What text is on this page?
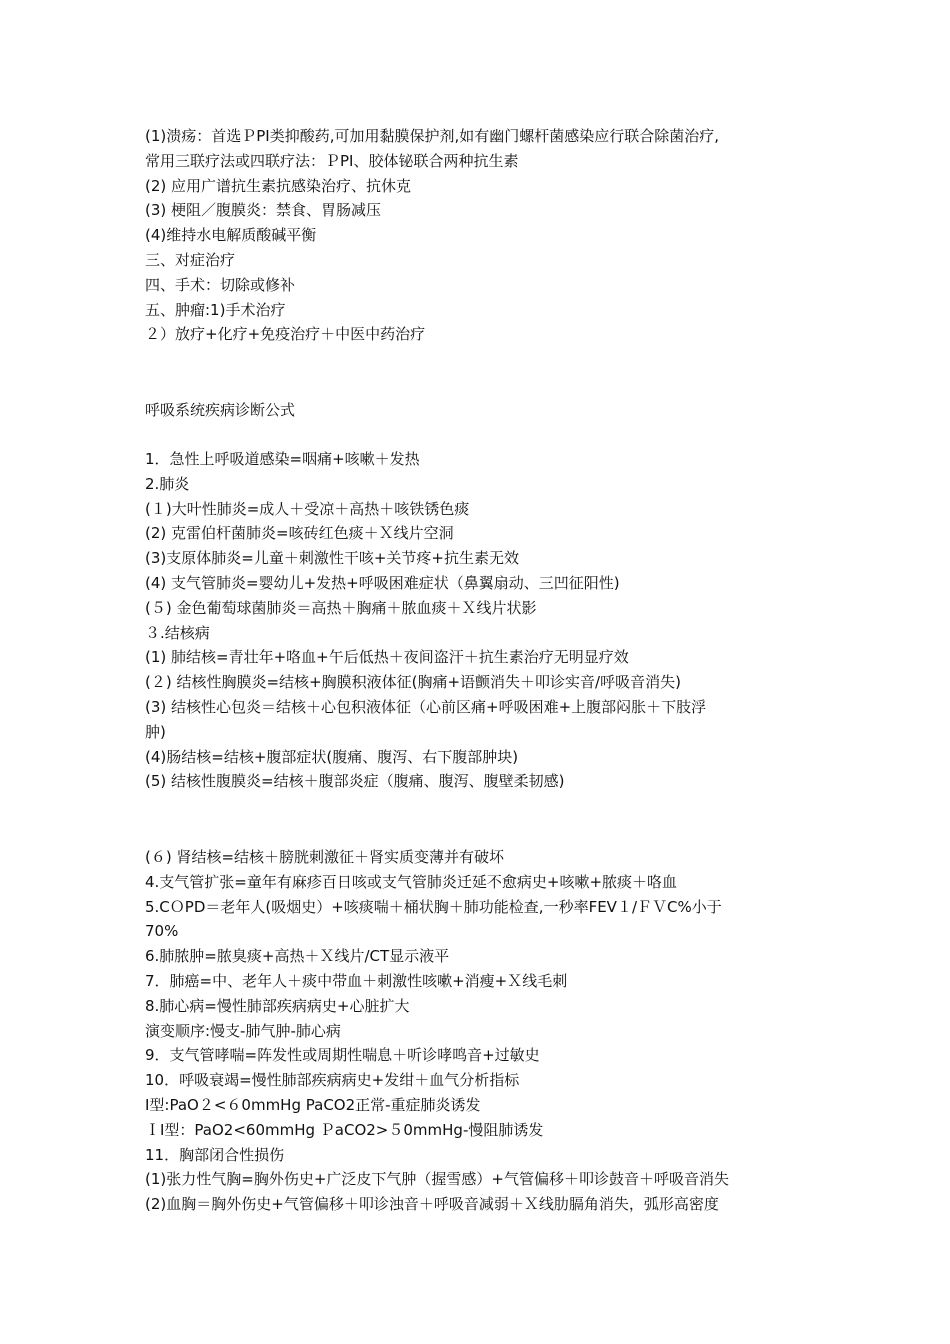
(1)溃疡：首选ＰPI类抑酸药,可加用黏膜保护剂,如有幽门螺杆菌感染应行联合除菌治疗,
常用三联疗法或四联疗法：ＰPI、胶体铋联合两种抗生素
(2) 应用广谱抗生素抗感染治疗、抗休克
(3) 梗阻／腹膜炎：禁食、胃肠减压
(4)维持水电解质酸碱平衡
三、对症治疗
四、手术：切除或修补
五、肿瘤:1)手术治疗
２）放疗+化疗+免疫治疗＋中医中药治疗
呼吸系统疾病诊断公式
1．急性上呼吸道感染=咽痛+咳嗽＋发热
2.肺炎
(１)大叶性肺炎=成人＋受凉＋高热＋咳铁锈色痰
(2) 克雷伯杆菌肺炎=咳砖红色痰＋Ｘ线片空洞
(3)支原体肺炎=儿童＋刺激性干咳+关节疼+抗生素无效
(4) 支气管肺炎=婴幼儿+发热+呼吸困难症状（鼻翼扇动、三凹征阳性)
(５) 金色葡萄球菌肺炎＝高热＋胸痛＋脓血痰＋Ｘ线片状影
３.结核病
(1) 肺结核=青壮年+咯血+午后低热＋夜间盗汗＋抗生素治疗无明显疗效
(２) 结核性胸膜炎=结核+胸膜积液体征(胸痛+语颤消失＋叩诊实音/呼吸音消失)
(3) 结核性心包炎＝结核＋心包积液体征（心前区痛+呼吸困难+上腹部闷胀＋下肢浮
肿)
(4)肠结核=结核+腹部症状(腹痛、腹泻、右下腹部肿块)
(5) 结核性腹膜炎=结核＋腹部炎症（腹痛、腹泻、腹壁柔韧感)
(６) 肾结核=结核＋膀胱刺激征＋肾实质变薄并有破坏
4.支气管扩张=童年有麻疹百日咳或支气管肺炎迁延不愈病史+咳嗽+脓痰＋咯血
5.CＯPD＝老年人(吸烟史）+咳痰喘＋桶状胸＋肺功能检查,一秒率FEV１/ＦＶC%小于
70%
6.肺脓肿=脓臭痰+高热＋Ｘ线片/CT显示液平
7．肺癌=中、老年人＋痰中带血＋刺激性咳嗽+消瘦+Ｘ线毛刺
8.肺心病=慢性肺部疾病病史+心脏扩大
演变顺序:慢支-肺气肿-肺心病
9．支气管哮喘=阵发性或周期性喘息＋听诊哮鸣音+过敏史
10．呼吸衰竭=慢性肺部疾病病史+发绀＋血气分析指标
I型:PaO２<６0mmHg PaCO2正常-重症肺炎诱发
ＩI型：PaO2<60mmHg ＰaCO2>５0mmHg-慢阻肺诱发
11．胸部闭合性损伤
(1)张力性气胸=胸外伤史+广泛皮下气肿（握雪感）+气管偏移＋叩诊鼓音＋呼吸音消失
(2)血胸＝胸外伤史+气管偏移＋叩诊浊音＋呼吸音减弱＋Ｘ线肋膈角消失，弧形高密度
